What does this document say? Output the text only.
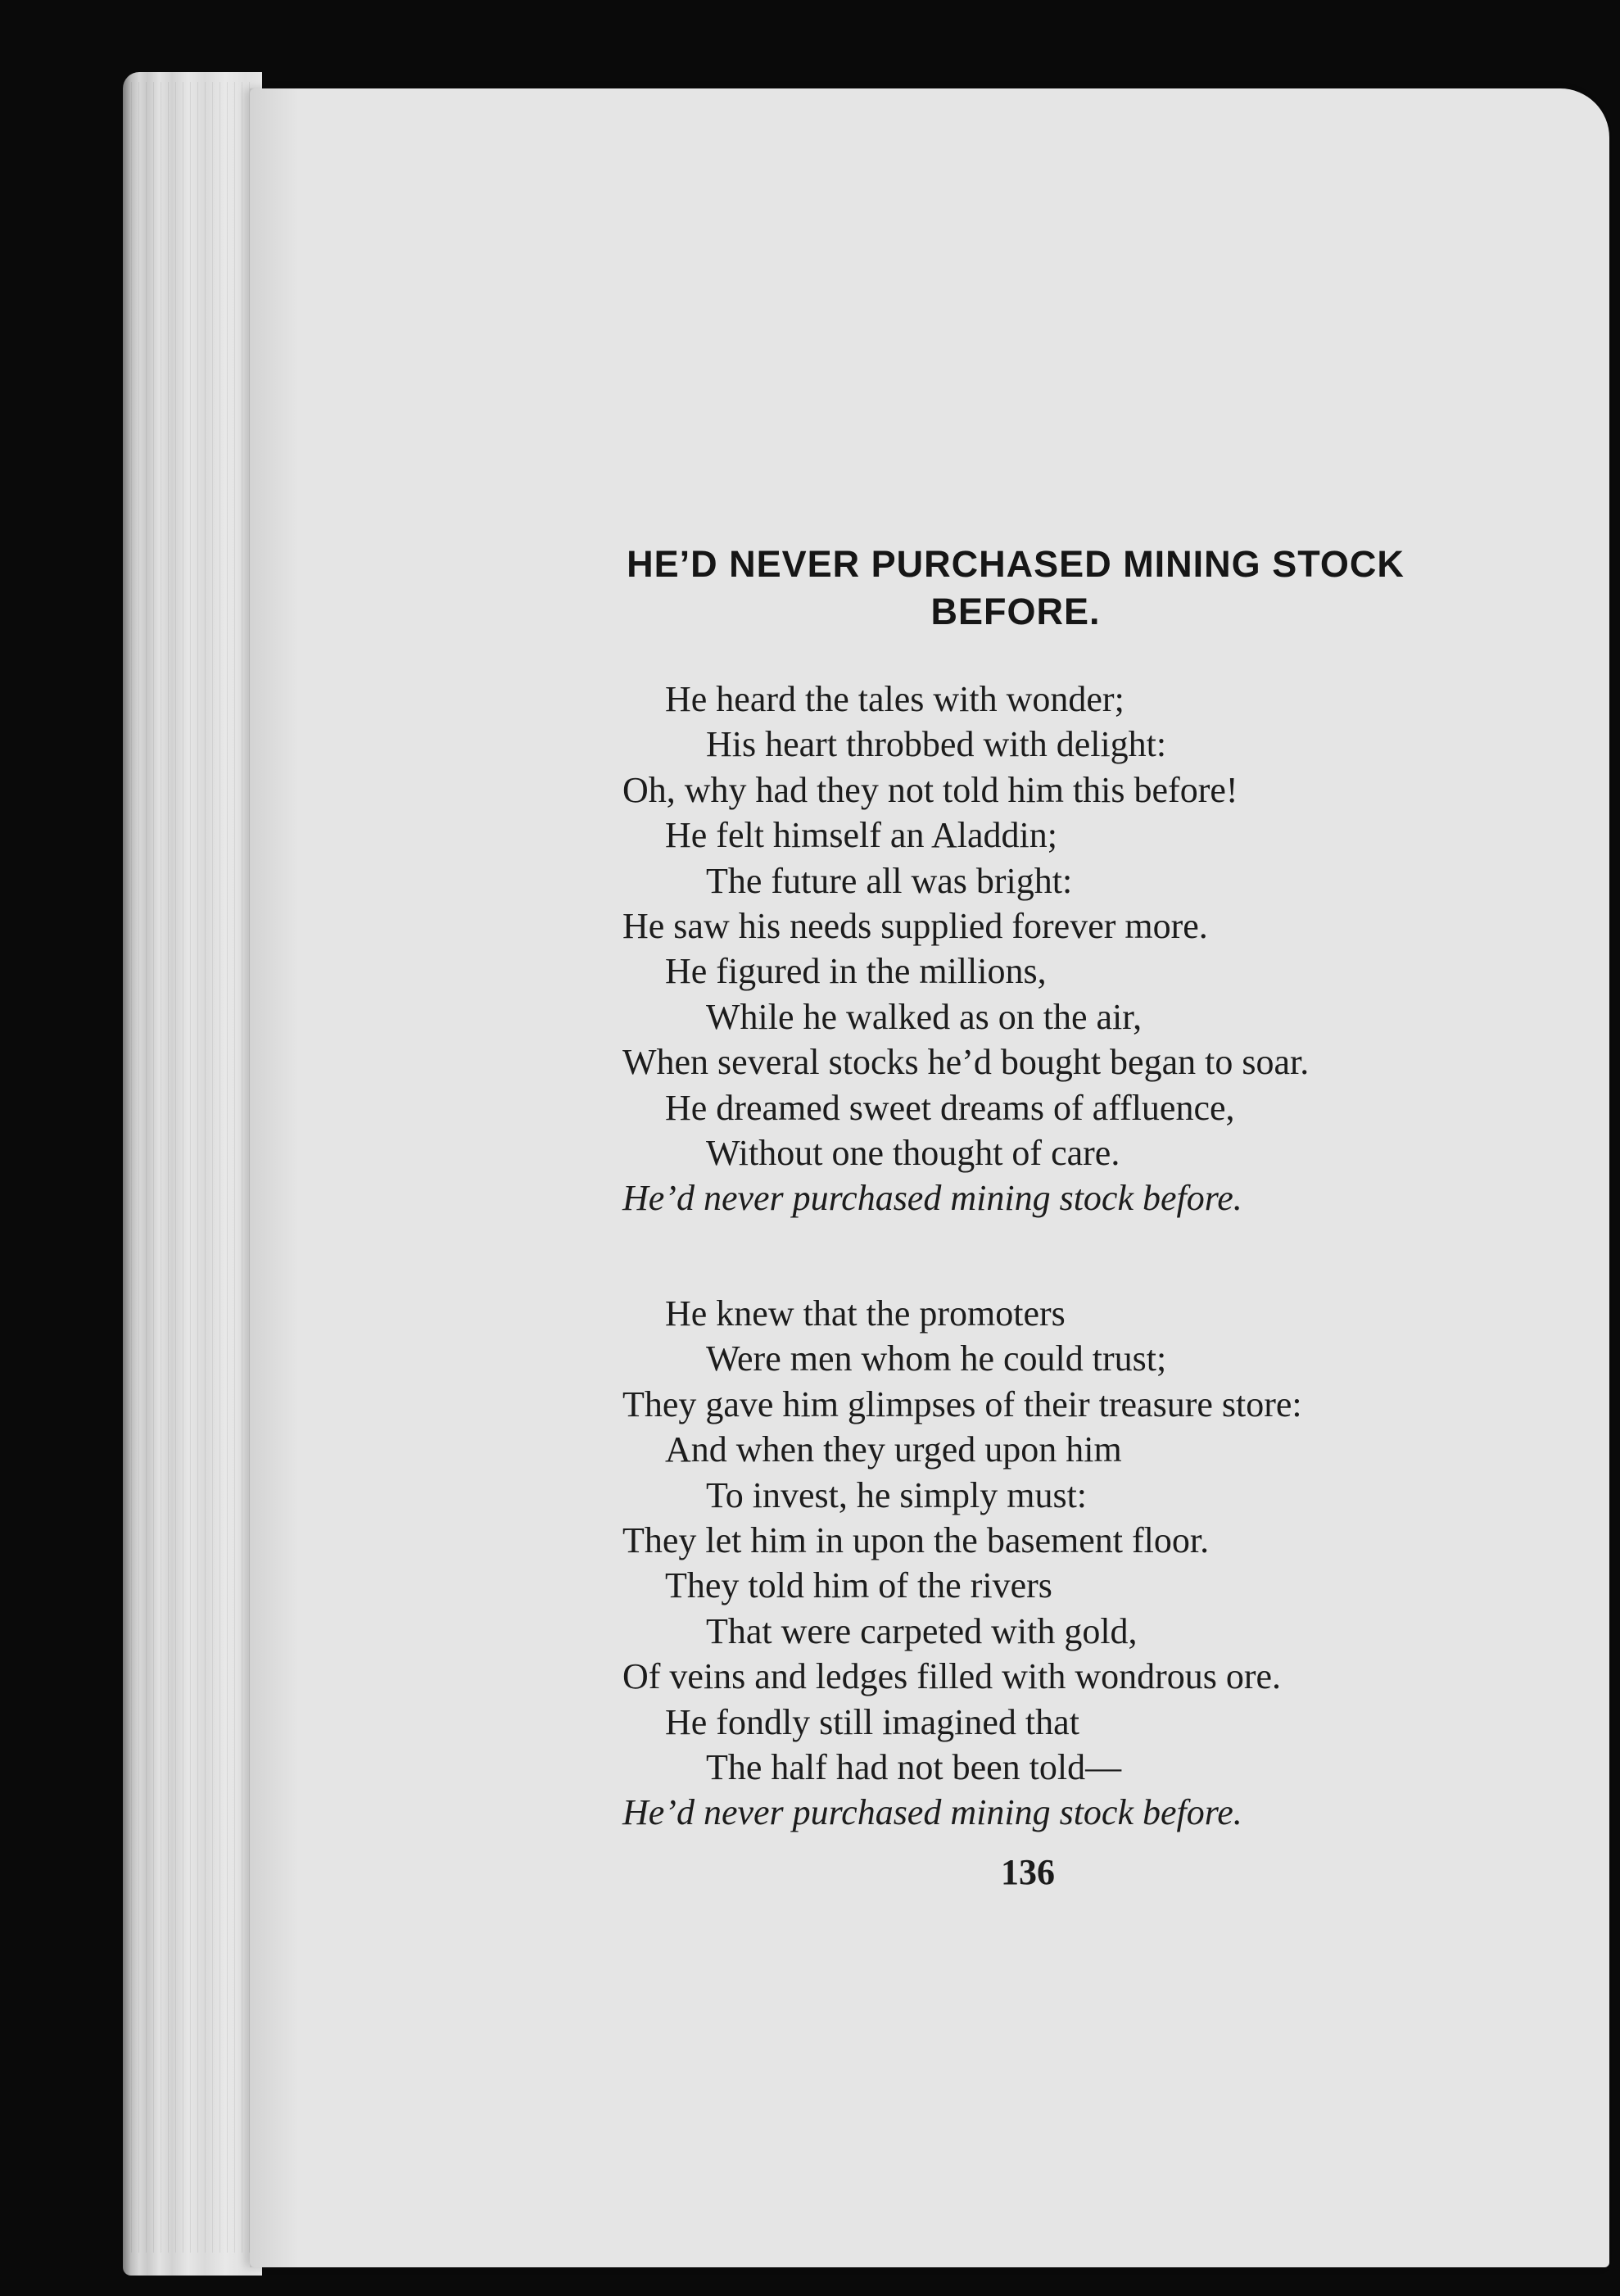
HE’D NEVER PURCHASED MINING STOCK
BEFORE.
He heard the tales with wonder;
His heart throbbed with delight:
Oh, why had they not told him this before!
He felt himself an Aladdin;
The future all was bright:
He saw his needs supplied forever more.
He figured in the millions,
While he walked as on the air,
When several stocks he’d bought began to soar.
He dreamed sweet dreams of affluence,
Without one thought of care.
He’d never purchased mining stock before.
He knew that the promoters
Were men whom he could trust;
They gave him glimpses of their treasure store:
And when they urged upon him
To invest, he simply must:
They let him in upon the basement floor.
They told him of the rivers
That were carpeted with gold,
Of veins and ledges filled with wondrous ore.
He fondly still imagined that
The half had not been told—
He’d never purchased mining stock before.
136
